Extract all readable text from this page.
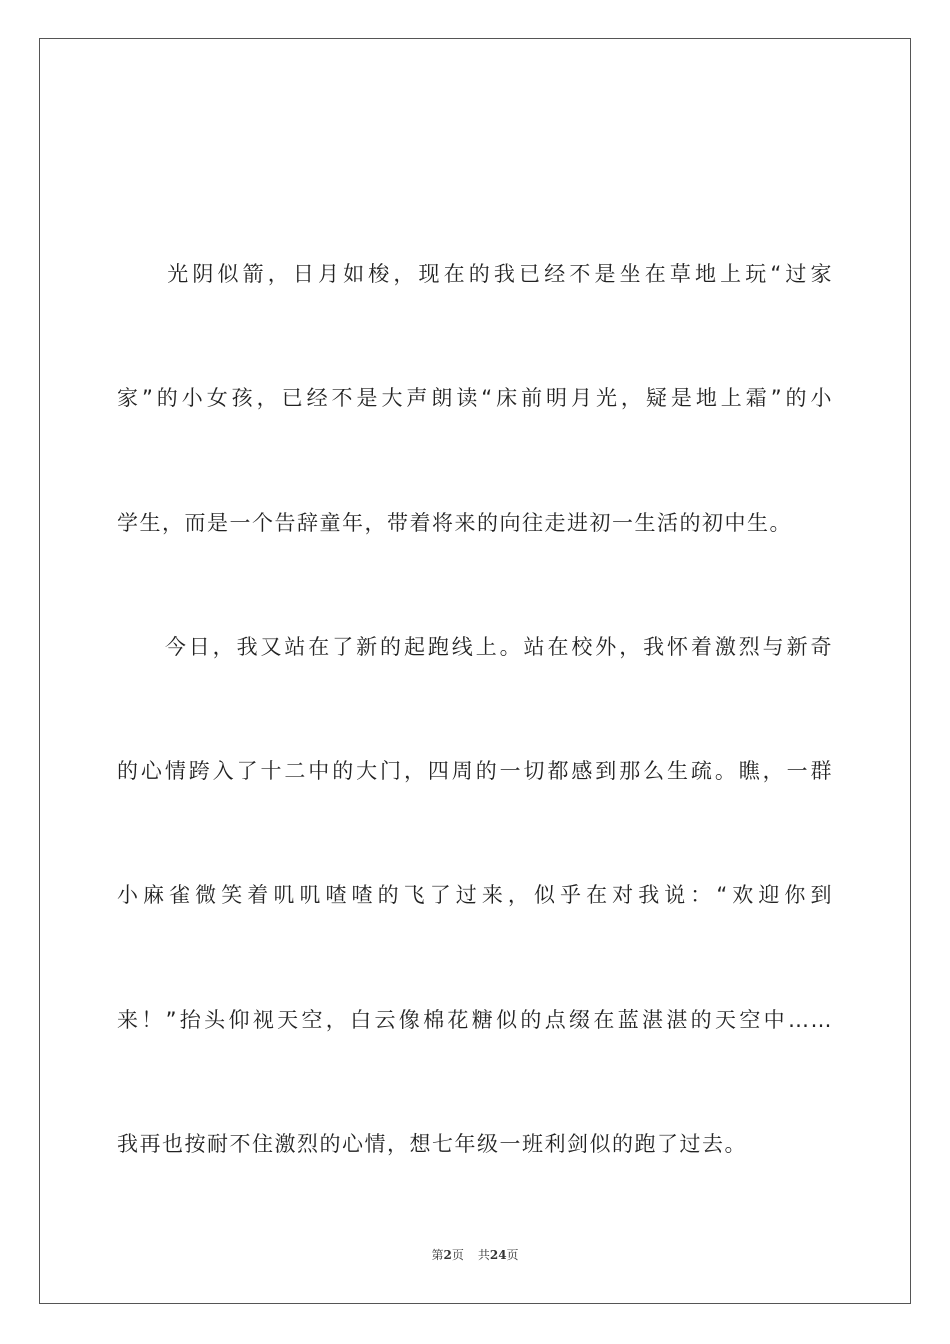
　　光阴似箭，日月如梭，现在的我已经不是坐在草地上玩“过家
家”的小女孩，已经不是大声朗读“床前明月光，疑是地上霜”的小
学生，而是一个告辞童年，带着将来的向往走进初一生活的初中生。
　　今日，我又站在了新的起跑线上。站在校外，我怀着激烈与新奇
的心情跨入了十二中的大门，四周的一切都感到那么生疏。瞧，一群
小麻雀微笑着叽叽喳喳的飞了过来，似乎在对我说：“欢迎你到
来！”抬头仰视天空，白云像棉花糖似的点缀在蓝湛湛的天空中……
我再也按耐不住激烈的心情，想七年级一班利剑似的跑了过去。
第2页 共24页
